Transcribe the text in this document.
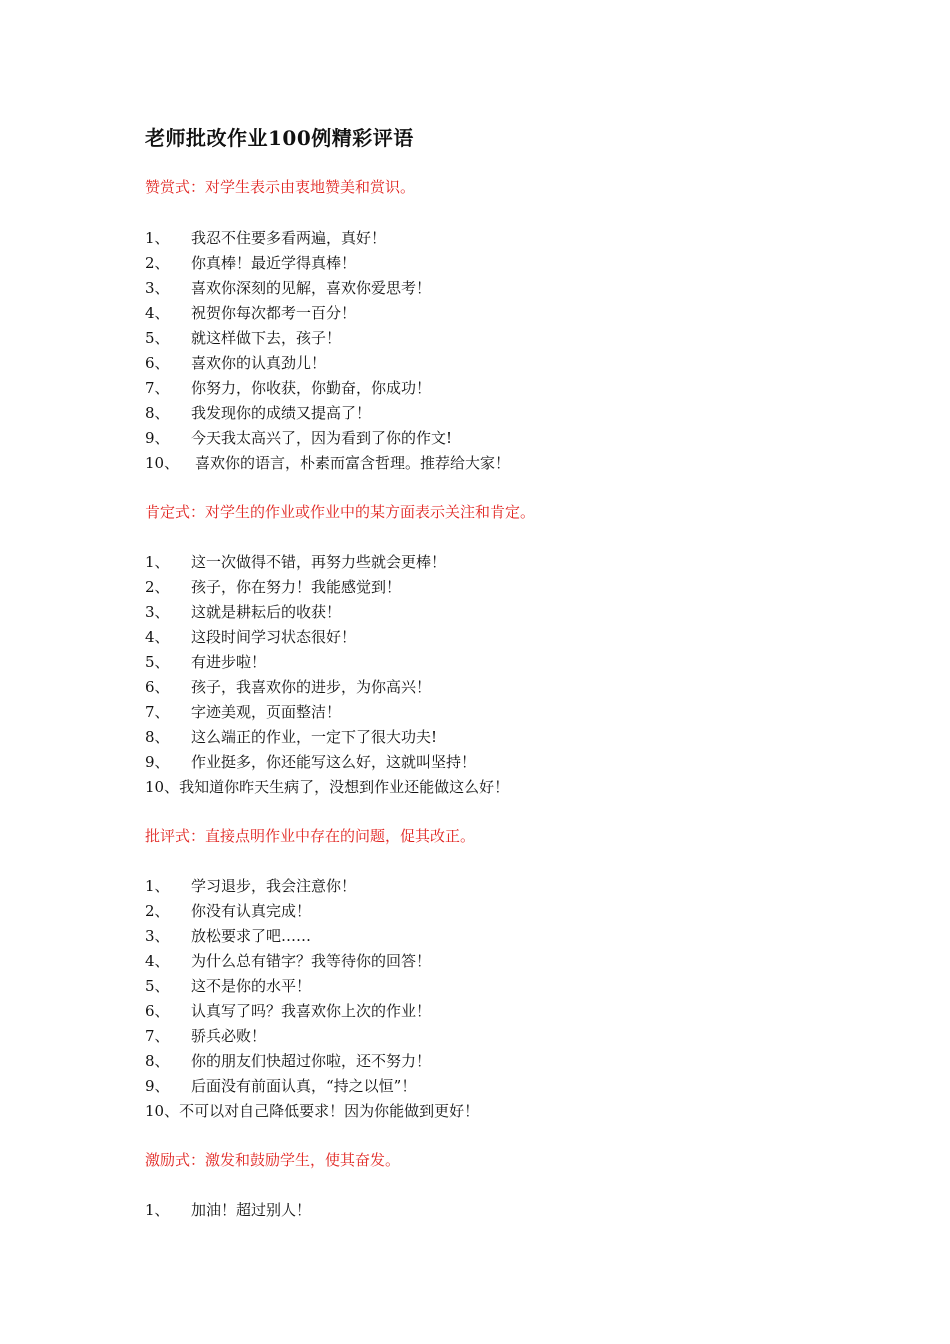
老师批改作业100例精彩评语
赞赏式：对学生表示由衷地赞美和赏识。
1、 我忍不住要多看两遍，真好！
2、 你真棒！最近学得真棒！
3、 喜欢你深刻的见解，喜欢你爱思考！
4、 祝贺你每次都考一百分！
5、 就这样做下去，孩子！
6、 喜欢你的认真劲儿！
7、 你努力，你收获，你勤奋，你成功！
8、 我发现你的成绩又提高了！
9、 今天我太高兴了，因为看到了你的作文!
10、 喜欢你的语言，朴素而富含哲理。推荐给大家！
肯定式：对学生的作业或作业中的某方面表示关注和肯定。
1、 这一次做得不错，再努力些就会更棒！
2、 孩子，你在努力！我能感觉到！
3、 这就是耕耘后的收获！
4、 这段时间学习状态很好！
5、 有进步啦！
6、 孩子，我喜欢你的进步，为你高兴！
7、 字迹美观，页面整洁！
8、 这么端正的作业，一定下了很大功夫!
9、 作业挺多，你还能写这么好，这就叫坚持！
10、我知道你昨天生病了，没想到作业还能做这么好！
批评式：直接点明作业中存在的问题，促其改正。
1、 学习退步，我会注意你！
2、 你没有认真完成！
3、 放松要求了吧……
4、 为什么总有错字？我等待你的回答！
5、 这不是你的水平！
6、 认真写了吗？我喜欢你上次的作业！
7、 骄兵必败！
8、 你的朋友们快超过你啦，还不努力！
9、 后面没有前面认真，“持之以恒”！
10、不可以对自己降低要求！因为你能做到更好！
激励式：激发和鼓励学生，使其奋发。
1、 加油！超过别人！
